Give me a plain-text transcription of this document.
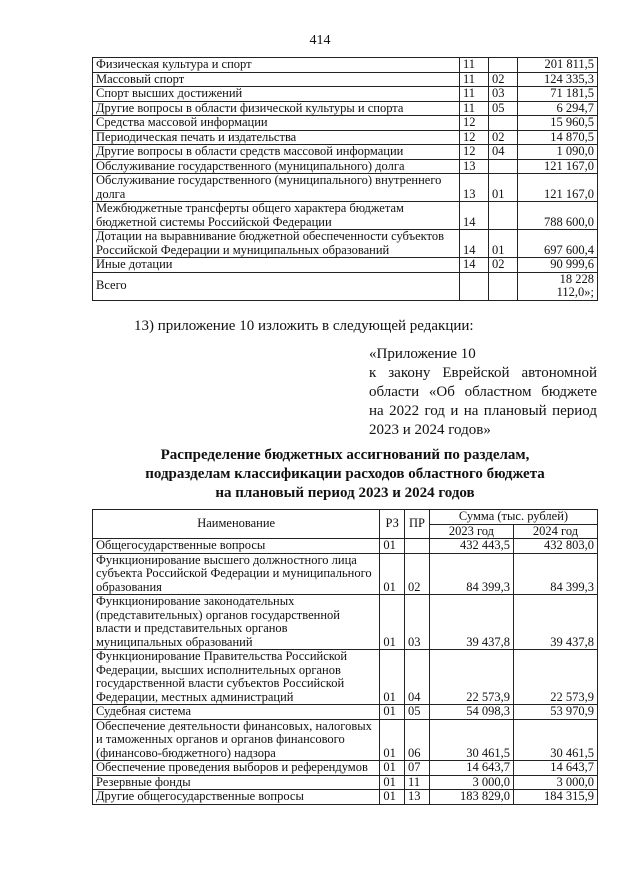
414
Физическая культура и спорт	11		201 811,5
Массовый спорт	11	02	124 335,3
Спорт высших достижений	11	03	71 181,5
Другие вопросы в области физической культуры и спорта	11	05	6 294,7
Средства массовой информации	12		15 960,5
Периодическая печать и издательства	12	02	14 870,5
Другие вопросы в области средств массовой информации	12	04	1 090,0
Обслуживание государственного (муниципального) долга	13		121 167,0
Обслуживание государственного (муниципального) внутреннего долга	13	01	121 167,0
Межбюджетные трансферты общего характера бюджетам бюджетной системы Российской Федерации	14		788 600,0
Дотации на выравнивание бюджетной обеспеченности субъектов Российской Федерации и муниципальных образований	14	01	697 600,4
Иные дотации	14	02	90 999,6
Всего			18 228 112,0»;
13) приложение 10 изложить в следующей редакции:
«Приложение 10
к закону Еврейской автономной
области «Об областном бюджете
на 2022 год и на плановый период
2023 и 2024 годов»
Распределение бюджетных ассигнований по разделам,
подразделам классификации расходов областного бюджета
на плановый период 2023 и 2024 годов
Наименование	РЗ	ПР	Сумма (тыс. рублей)	
			2023 год	2024 год
Общегосударственные вопросы	01		432 443,5	432 803,0
Функционирование высшего должностного лица субъекта Российской Федерации и муниципального образования	01	02	84 399,3	84 399,3
Функционирование законодательных (представительных) органов государственной власти и представительных органов муниципальных образований	01	03	39 437,8	39 437,8
Функционирование Правительства Российской Федерации, высших исполнительных органов государственной власти субъектов Российской Федерации, местных администраций	01	04	22 573,9	22 573,9
Судебная система	01	05	54 098,3	53 970,9
Обеспечение деятельности финансовых, налоговых и таможенных органов и органов финансового (финансово-бюджетного) надзора	01	06	30 461,5	30 461,5
Обеспечение проведения выборов и референдумов	01	07	14 643,7	14 643,7
Резервные фонды	01	11	3 000,0	3 000,0
Другие общегосударственные вопросы	01	13	183 829,0	184 315,9
